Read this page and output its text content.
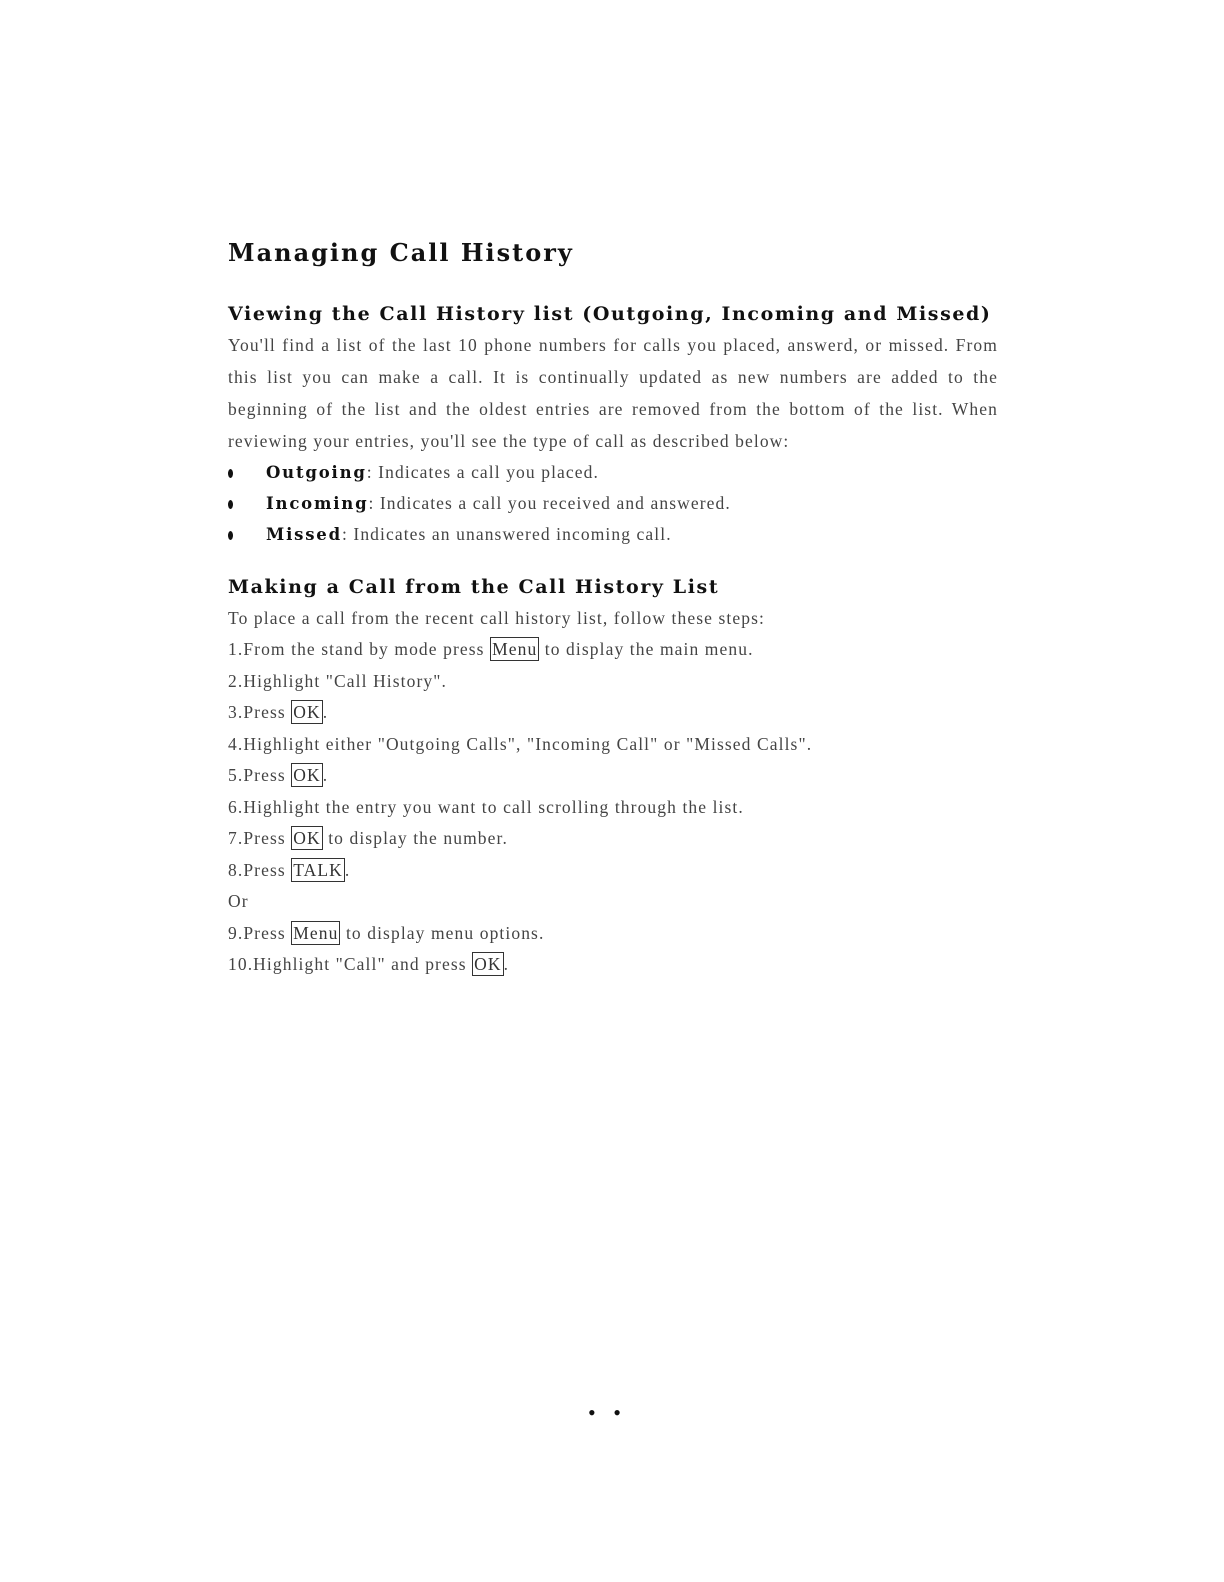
Managing Call History
Viewing the Call History list (Outgoing, Incoming and Missed)

You'll find a list of the last 10 phone numbers for calls you placed, answerd, or missed. From this list you can make a call. It is continually updated as new numbers are added to the beginning of the list and the oldest entries are removed from the bottom of the list. When reviewing your entries, you'll see the type of call as described below:

Outgoing: Indicates a call you placed.
Incoming: Indicates a call you received and answered.
Missed: Indicates an unanswered incoming call.
Making a Call from the Call History List

To place a call from the recent call history list, follow these steps:

1.From the stand by mode press Menu to display the main menu.
2.Highlight "Call History".
3.Press OK .
4.Highlight either "Outgoing Calls", "Incoming Call" or "Missed Calls".
5.Press OK .
6.Highlight the entry you want to call scrolling through the list.
7.Press OK to display the number.
8.Press TALK .
Or
9.Press Menu to display menu options.
10.Highlight "Call" and press OK .
• •
